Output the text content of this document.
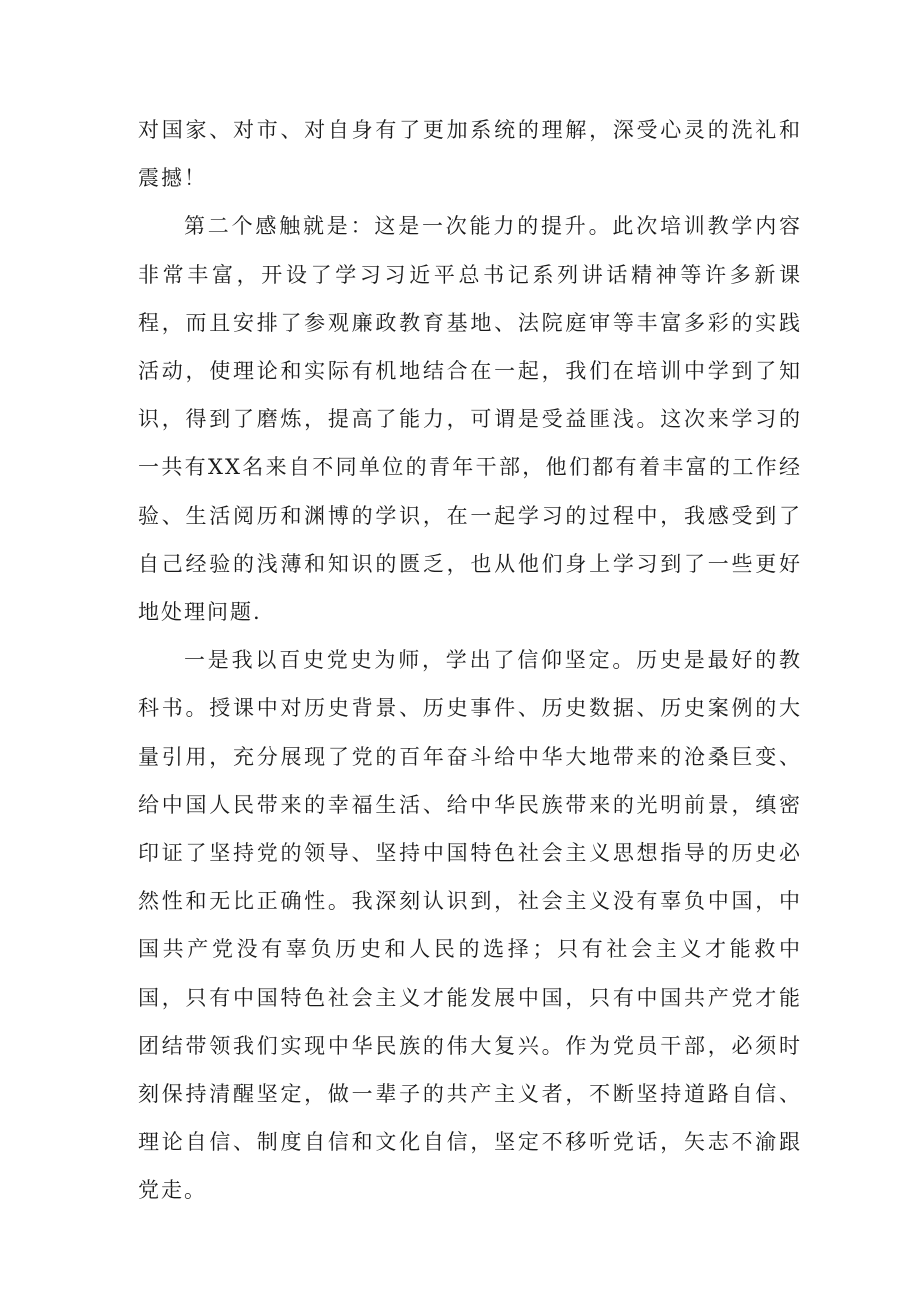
对国家、对市、对自身有了更加系统的理解，深受心灵的洗礼和震撼！

第二个感触就是：这是一次能力的提升。此次培训教学内容非常丰富，开设了学习习近平总书记系列讲话精神等许多新课程，而且安排了参观廉政教育基地、法院庭审等丰富多彩的实践活动，使理论和实际有机地结合在一起，我们在培训中学到了知识，得到了磨炼，提高了能力，可谓是受益匪浅。这次来学习的一共有XX名来自不同单位的青年干部，他们都有着丰富的工作经验、生活阅历和渊博的学识，在一起学习的过程中，我感受到了自己经验的浅薄和知识的匮乏，也从他们身上学习到了一些更好地处理问题.

一是我以百史党史为师，学出了信仰坚定。历史是最好的教科书。授课中对历史背景、历史事件、历史数据、历史案例的大量引用，充分展现了党的百年奋斗给中华大地带来的沧桑巨变、给中国人民带来的幸福生活、给中华民族带来的光明前景，缜密印证了坚持党的领导、坚持中国特色社会主义思想指导的历史必然性和无比正确性。我深刻认识到，社会主义没有辜负中国，中国共产党没有辜负历史和人民的选择；只有社会主义才能救中国，只有中国特色社会主义才能发展中国，只有中国共产党才能团结带领我们实现中华民族的伟大复兴。作为党员干部，必须时刻保持清醒坚定，做一辈子的共产主义者，不断坚持道路自信、理论自信、制度自信和文化自信，坚定不移听党话，矢志不渝跟党走。
